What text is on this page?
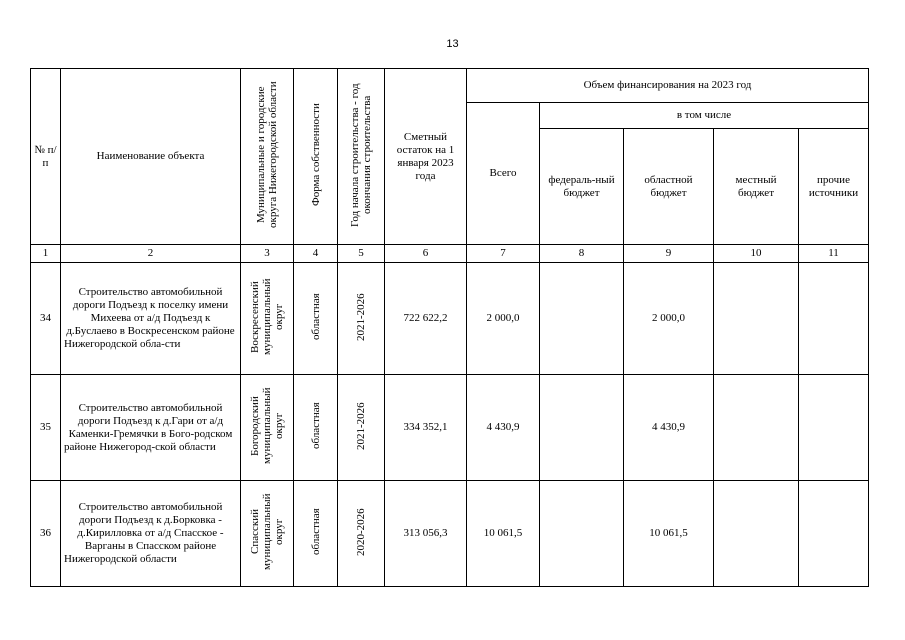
13
№ п/п	Наименование объекта	Муниципальные и городские округа Нижегородской области	Форма собственности	Год начала строительства - год окончания строительства	Сметный остаток на 1 января 2023 года	Объем финансирования на 2023 год				
						Всего	в том числе			
							федераль-ный бюджет	областной бюджет	местный бюджет	прочие источники
1	2	3	4	5	6	7	8	9	10	11
34	Строительство автомобильной дороги Подъезд к поселку имени Михеева от а/д Подъезд к д.Буслаево в Воскресенском районе Нижегородской обла-сти	Воскресенский муниципальный округ	областная	2021-2026	722 622,2	2 000,0		2 000,0		
35	Строительство автомобильной дороги Подъезд к д.Гари от а/д Каменки-Гремячки в Бого-родском районе Нижегород-ской области	Богородский муниципальный округ	областная	2021-2026	334 352,1	4 430,9		4 430,9		
36	Строительство автомобильной дороги Подъезд к д.Борковка - д.Кирилловка от а/д Спасское - Варганы в Спасском районе Нижегородской области	Спасский муниципальный округ	областная	2020-2026	313 056,3	10 061,5		10 061,5		
